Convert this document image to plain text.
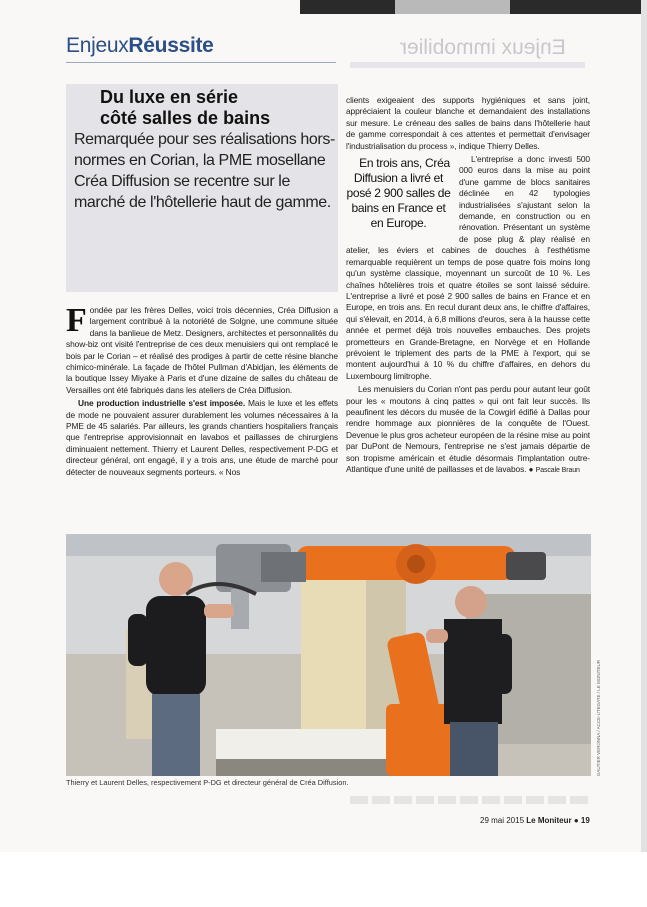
EnjeuxRéussite	Enjeux immobilier
Du luxe en série
côté salles de bains
Remarquée pour ses réalisations hors-normes en Corian, la PME mosellane Créa Diffusion se recentre sur le marché de l'hôtellerie haut de gamme.

Fondée par les frères Delles, voici trois décennies, Créa Diffusion a largement contribué à la notoriété de Solgne, une commune située dans la banlieue de Metz. Designers, architectes et personnalités du show-biz ont visité l'entreprise de ces deux menuisiers qui ont remplacé le bois par le Corian – et réalisé des prodiges à partir de cette résine blanche chimico-minérale. La façade de l'hôtel Pullman d'Abidjan, les éléments de la boutique Issey Miyake à Paris et d'une dizaine de salles du château de Versailles ont été fabriqués dans les ateliers de Créa Diffusion.

Une production industrielle s'est imposée. Mais le luxe et les effets de mode ne pouvaient assurer durablement les volumes nécessaires à la PME de 45 salariés. Par ailleurs, les grands chantiers hospitaliers français que l'entreprise approvisionnait en lavabos et paillasses de chirurgiens diminuaient nettement. Thierry et Laurent Delles, respectivement P-DG et directeur général, ont engagé, il y a trois ans, une étude de marché pour détecter de nouveaux segments porteurs. « Nos

clients exigeaient des supports hygiéniques et sans joint, appréciaient la couleur blanche et demandaient des installations sur mesure. Le créneau des salles de bains dans l'hôtellerie haut de gamme correspondait à ces attentes et permettait d'envisager l'industrialisation du process », indique Thierry Delles.

En trois ans, Créa Diffusion a livré et posé 2 900 salles de bains en France et en Europe.
L'entreprise a donc investi 500 000 euros dans la mise au point d'une gamme de blocs sanitaires déclinée en 42 typologies industrialisées s'ajustant selon la demande, en construction ou en rénovation. Présentant un système de pose plug & play réalisé en atelier, les éviers et cabines de douches à l'esthétisme remarquable requièrent un temps de pose quatre fois moins long qu'un système classique, moyennant un surcoût de 10 %. Les chaînes hôtelières trois et quatre étoiles se sont laissé séduire. L'entreprise a livré et posé 2 900 salles de bains en France et en Europe, en trois ans. En recul durant deux ans, le chiffre d'affaires, qui s'élevait, en 2014, à 6,8 millions d'euros, sera à la hausse cette année et permet déjà trois nouvelles embauches. Des projets prometteurs en Grande-Bretagne, en Norvège et en Hollande prévoient le triplement des parts de la PME à l'export, qui se montent aujourd'hui à 10 % du chiffre d'affaires, en dehors du Luxembourg limitrophe.

Les menuisiers du Corian n'ont pas perdu pour autant leur goût pour les « moutons à cinq pattes » qui ont fait leur succès. Ils peaufinent les décors du musée de la Cowgirl édifié à Dallas pour rendre hommage aux pionnières de la conquête de l'Ouest. Devenue le plus gros acheteur européen de la résine mise au point par DuPont de Nemours, l'entreprise ne s'est jamais départie de son tropisme américain et étudie désormais l'implantation outre-Atlantique d'une unité de paillasses et de lavabos. ● Pascale Braun

GAUTIER VERONNA / ACCE-UTEGATE / LE MONITEUR
Thierry et Laurent Delles, respectivement P-DG et directeur général de Créa Diffusion.
29 mai 2015 Le Moniteur ● 19
